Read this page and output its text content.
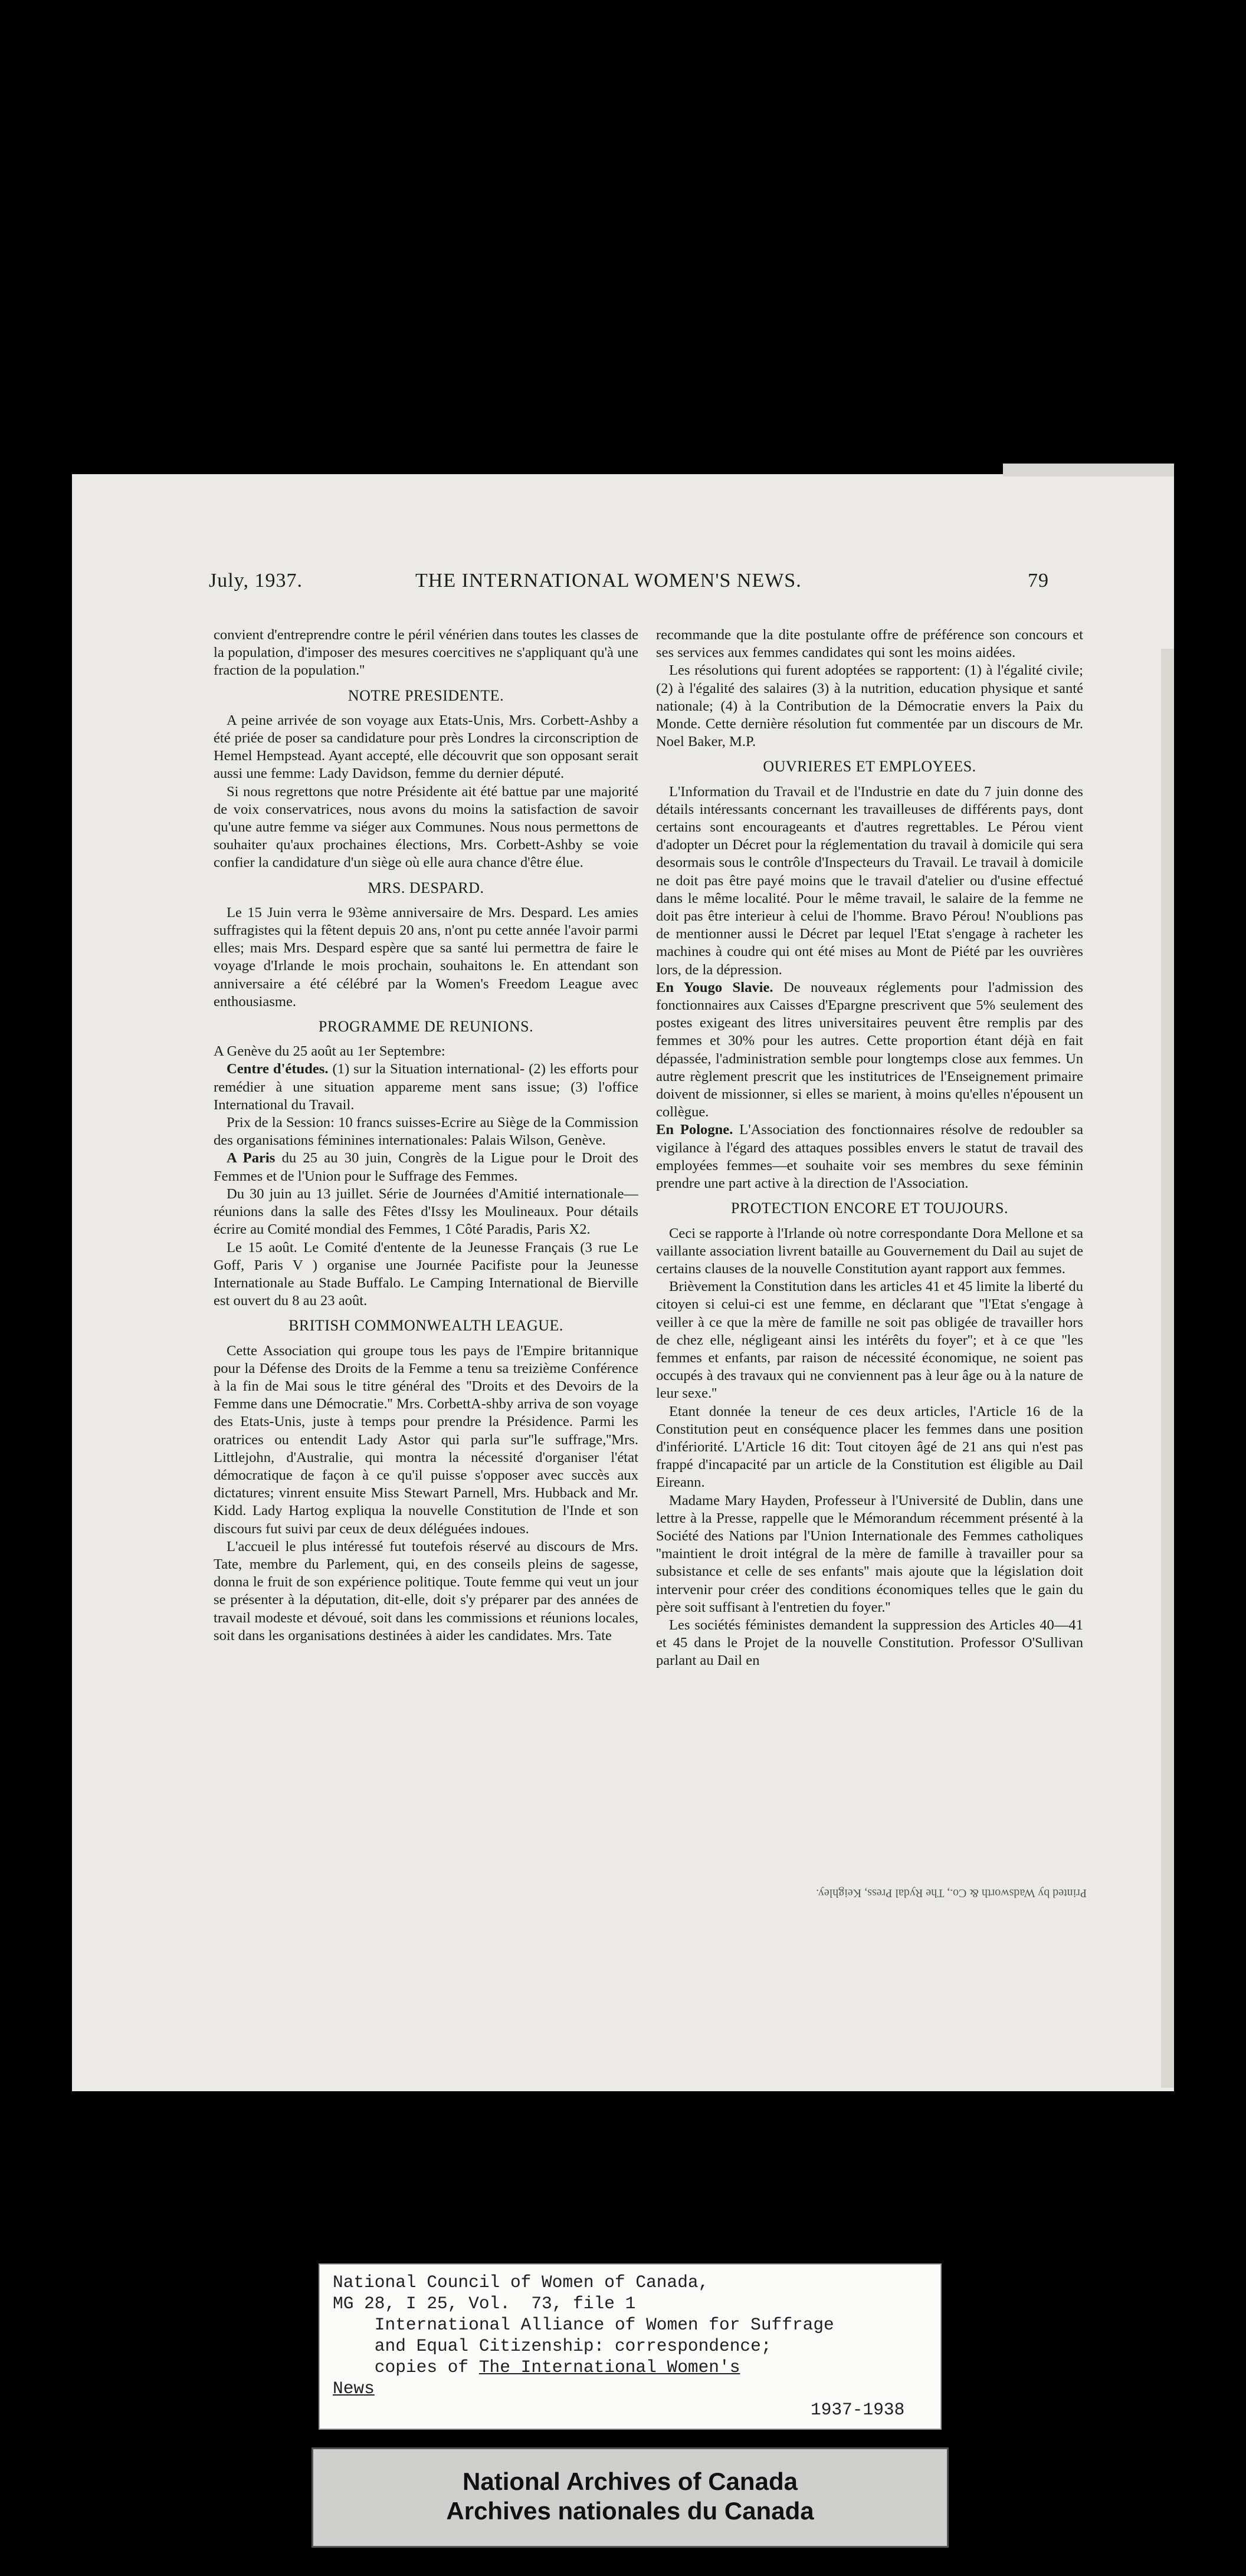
July, 1937.	THE INTERNATIONAL WOMEN'S NEWS.	79

convient d'entreprendre contre le péril vénérien dans toutes les classes de la population, d'imposer des mesures coercitives ne s'appliquant qu'à une fraction de la population.''

NOTRE PRESIDENTE.

A peine arrivée de son voyage aux Etats-Unis, Mrs. Corbett-Ashby a été priée de poser sa candidature pour près Londres la circonscription de Hemel Hempstead. Ayant accepté, elle découvrit que son opposant serait aussi une femme: Lady Davidson, femme du dernier député.

Si nous regrettons que notre Présidente ait été battue par une majorité de voix conservatrices, nous avons du moins la satisfaction de savoir qu'une autre femme va siéger aux Communes. Nous nous permettons de souhaiter qu'aux prochaines élections, Mrs. Corbett-Ashby se voie confier la candidature d'un siège où elle aura chance d'être élue.

MRS. DESPARD.

Le 15 Juin verra le 93ème anniversaire de Mrs. Despard. Les amies suffragistes qui la fêtent depuis 20 ans, n'ont pu cette année l'avoir parmi elles; mais Mrs. Despard espère que sa santé lui permettra de faire le voyage d'Irlande le mois prochain, souhaitons le. En attendant son anniversaire a été célébré par la Women's Freedom League avec enthousiasme.

PROGRAMME DE REUNIONS.

A Genève du 25 août au 1er Septembre:

Centre d'études. (1) sur la Situation international- (2) les efforts pour remédier à une situation appareme ment sans issue; (3) l'office International du Travail.

Prix de la Session: 10 francs suisses-Ecrire au Siège de la Commission des organisations féminines internationales: Palais Wilson, Genève.

A Paris du 25 au 30 juin, Congrès de la Ligue pour le Droit des Femmes et de l'Union pour le Suffrage des Femmes.

Du 30 juin au 13 juillet. Série de Journées d'Amitié internationale—réunions dans la salle des Fêtes d'Issy les Moulineaux. Pour détails écrire au Comité mondial des Femmes, 1 Côté Paradis, Paris X2.

Le 15 août. Le Comité d'entente de la Jeunesse Français (3 rue Le Goff, Paris V ) organise une Journée Pacifiste pour la Jeunesse Internationale au Stade Buffalo. Le Camping International de Bierville est ouvert du 8 au 23 août.

BRITISH COMMONWEALTH LEAGUE.

Cette Association qui groupe tous les pays de l'Empire britannique pour la Défense des Droits de la Femme a tenu sa treizième Conférence à la fin de Mai sous le titre général des ''Droits et des Devoirs de la Femme dans une Démocratie.'' Mrs. CorbettA-shby arriva de son voyage des Etats-Unis, juste à temps pour prendre la Présidence. Parmi les oratrices ou entendit Lady Astor qui parla sur''le suffrage,''Mrs. Littlejohn, d'Australie, qui montra la nécessité d'organiser l'état démocratique de façon à ce qu'il puisse s'opposer avec succès aux dictatures; vinrent ensuite Miss Stewart Parnell, Mrs. Hubback and Mr. Kidd. Lady Hartog expliqua la nouvelle Constitution de l'Inde et son discours fut suivi par ceux de deux déléguées indoues.

L'accueil le plus intéressé fut toutefois réservé au discours de Mrs. Tate, membre du Parlement, qui, en des conseils pleins de sagesse, donna le fruit de son expérience politique. Toute femme qui veut un jour se présenter à la députation, dit-elle, doit s'y préparer par des années de travail modeste et dévoué, soit dans les commissions et réunions locales, soit dans les organisations destinées à aider les candidates. Mrs. Tate

recommande que la dite postulante offre de préférence son concours et ses services aux femmes candidates qui sont les moins aidées.

Les résolutions qui furent adoptées se rapportent: (1) à l'égalité civile; (2) à l'égalité des salaires (3) à la nutrition, education physique et santé nationale; (4) à la Contribution de la Démocratie envers la Paix du Monde. Cette dernière résolution fut commentée par un discours de Mr. Noel Baker, M.P.

OUVRIERES ET EMPLOYEES.

L'Information du Travail et de l'Industrie en date du 7 juin donne des détails intéressants concernant les travailleuses de différents pays, dont certains sont encourageants et d'autres regrettables. Le Pérou vient d'adopter un Décret pour la réglementation du travail à domicile qui sera desormais sous le contrôle d'Inspecteurs du Travail. Le travail à domicile ne doit pas être payé moins que le travail d'atelier ou d'usine effectué dans le même localité. Pour le même travail, le salaire de la femme ne doit pas être interieur à celui de l'homme. Bravo Pérou! N'oublions pas de mentionner aussi le Décret par lequel l'Etat s'engage à racheter les machines à coudre qui ont été mises au Mont de Piété par les ouvrières lors, de la dépression.

En Yougo Slavie. De nouveaux réglements pour l'admission des fonctionnaires aux Caisses d'Epargne prescrivent que 5% seulement des postes exigeant des litres universitaires peuvent être remplis par des femmes et 30% pour les autres. Cette proportion étant déjà en fait dépassée, l'administration semble pour longtemps close aux femmes. Un autre règlement prescrit que les institutrices de l'Enseignement primaire doivent de missionner, si elles se marient, à moins qu'elles n'épousent un collègue.

En Pologne. L'Association des fonctionnaires résolve de redoubler sa vigilance à l'égard des attaques possibles envers le statut de travail des employées femmes—et souhaite voir ses membres du sexe féminin prendre une part active à la direction de l'Association.

PROTECTION ENCORE ET TOUJOURS.

Ceci se rapporte à l'Irlande où notre correspondante Dora Mellone et sa vaillante association livrent bataille au Gouvernement du Dail au sujet de certains clauses de la nouvelle Constitution ayant rapport aux femmes.

Brièvement la Constitution dans les articles 41 et 45 limite la liberté du citoyen si celui-ci est une femme, en déclarant que ''l'Etat s'engage à veiller à ce que la mère de famille ne soit pas obligée de travailler hors de chez elle, négligeant ainsi les intérêts du foyer''; et à ce que ''les femmes et enfants, par raison de nécessité économique, ne soient pas occupés à des travaux qui ne conviennent pas à leur âge ou à la nature de leur sexe.''

Etant donnée la teneur de ces deux articles, l'Article 16 de la Constitution peut en conséquence placer les femmes dans une position d'infériorité. L'Article 16 dit: Tout citoyen âgé de 21 ans qui n'est pas frappé d'incapacité par un article de la Constitution est éligible au Dail Eireann.

Madame Mary Hayden, Professeur à l'Université de Dublin, dans une lettre à la Presse, rappelle que le Mémorandum récemment présenté à la Société des Nations par l'Union Internationale des Femmes catholiques ''maintient le droit intégral de la mère de famille à travailler pour sa subsistance et celle de ses enfants'' mais ajoute que la législation doit intervenir pour créer des conditions économiques telles que le gain du père soit suffisant à l'entretien du foyer.''

Les sociétés féministes demandent la suppression des Articles 40—41 et 45 dans le Projet de la nouvelle Constitution. Professor O'Sullivan parlant au Dail en

Printed by Wadsworth & Co., The Rydal Press, Keighley.
National Council of Women of Canada,
MG 28, I 25, Vol.  73, file 1
International Alliance of Women for Suffrage
and Equal Citizenship: correspondence;
copies of The International Women's
News
1937-1938
National Archives of Canada
Archives nationales du Canada
